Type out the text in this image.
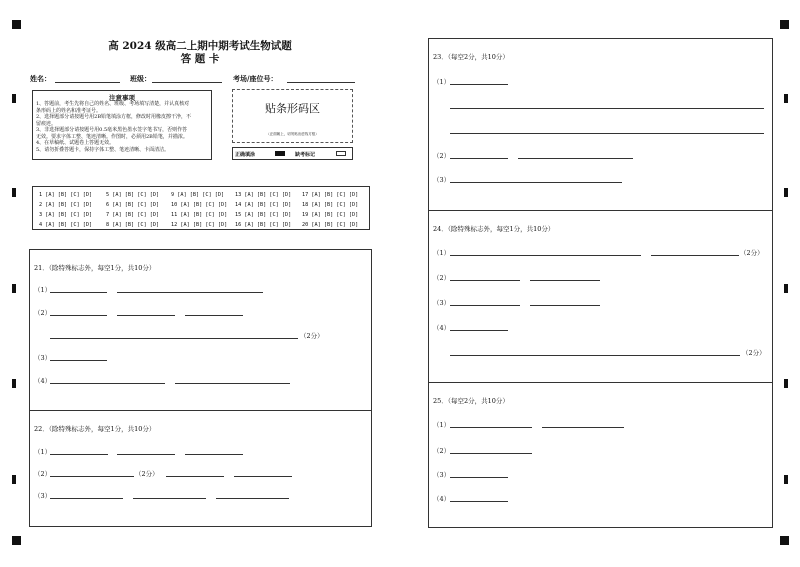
高 2024 级高二上期中期考试生物试题
答 题 卡
姓名：	班级：	考场/座位号：
注意事项
1、答题前，考生先将自己的姓名、班级、考场填写清楚，并认真核对
条形码上的姓名和准考证号。
2、选择题部分请按题号用2B铅笔填涂方框，修改时用橡皮擦干净，不
留痕迹。
3、非选择题部分请按题号用0.5毫米黑色墨水签字笔书写，否则作答
无效。要求字体工整、笔迹清晰。作图时，必须用2B铅笔，并描浓。
4、在草稿纸、试题卷上答题无效。
5、请勿折叠答题卡，保持字体工整、笔迹清晰、卡面清洁。
贴条形码区
（正面朝上，切勿贴出虚线方框）
正确填涂	缺考标记
1 [A] [B] [C] [D]	5 [A] [B] [C] [D] 9 [A] [B] [C] [D] 13 [A] [B] [C] [D] 17 [A] [B] [C] [D]
2 [A] [B] [C] [D]	6 [A] [B] [C] [D] 10 [A] [B] [C] [D] 14 [A] [B] [C] [D] 18 [A] [B] [C] [D]
3 [A] [B] [C] [D]	7 [A] [B] [C] [D] 11 [A] [B] [C] [D] 15 [A] [B] [C] [D] 19 [A] [B] [C] [D]
4 [A] [B] [C] [D]	8 [A] [B] [C] [D] 12 [A] [B] [C] [D] 16 [A] [B] [C] [D] 20 [A] [B] [C] [D]
21．（除特殊标志外，每空1分，共10分）
（1）
（2）
（2分）
（3）
（4）
22．（除特殊标志外，每空1分，共10分）
（1）
（2）	（2分）
（3）
23．（每空2分，共10分）
（1）
（2）
（3）
24．（除特殊标志外，每空1分，共10分）
（1）	（2分）
（2）
（3）
（4）
（2分）
25．（每空2分，共10分）
（1）
（2）
（3）
（4）
